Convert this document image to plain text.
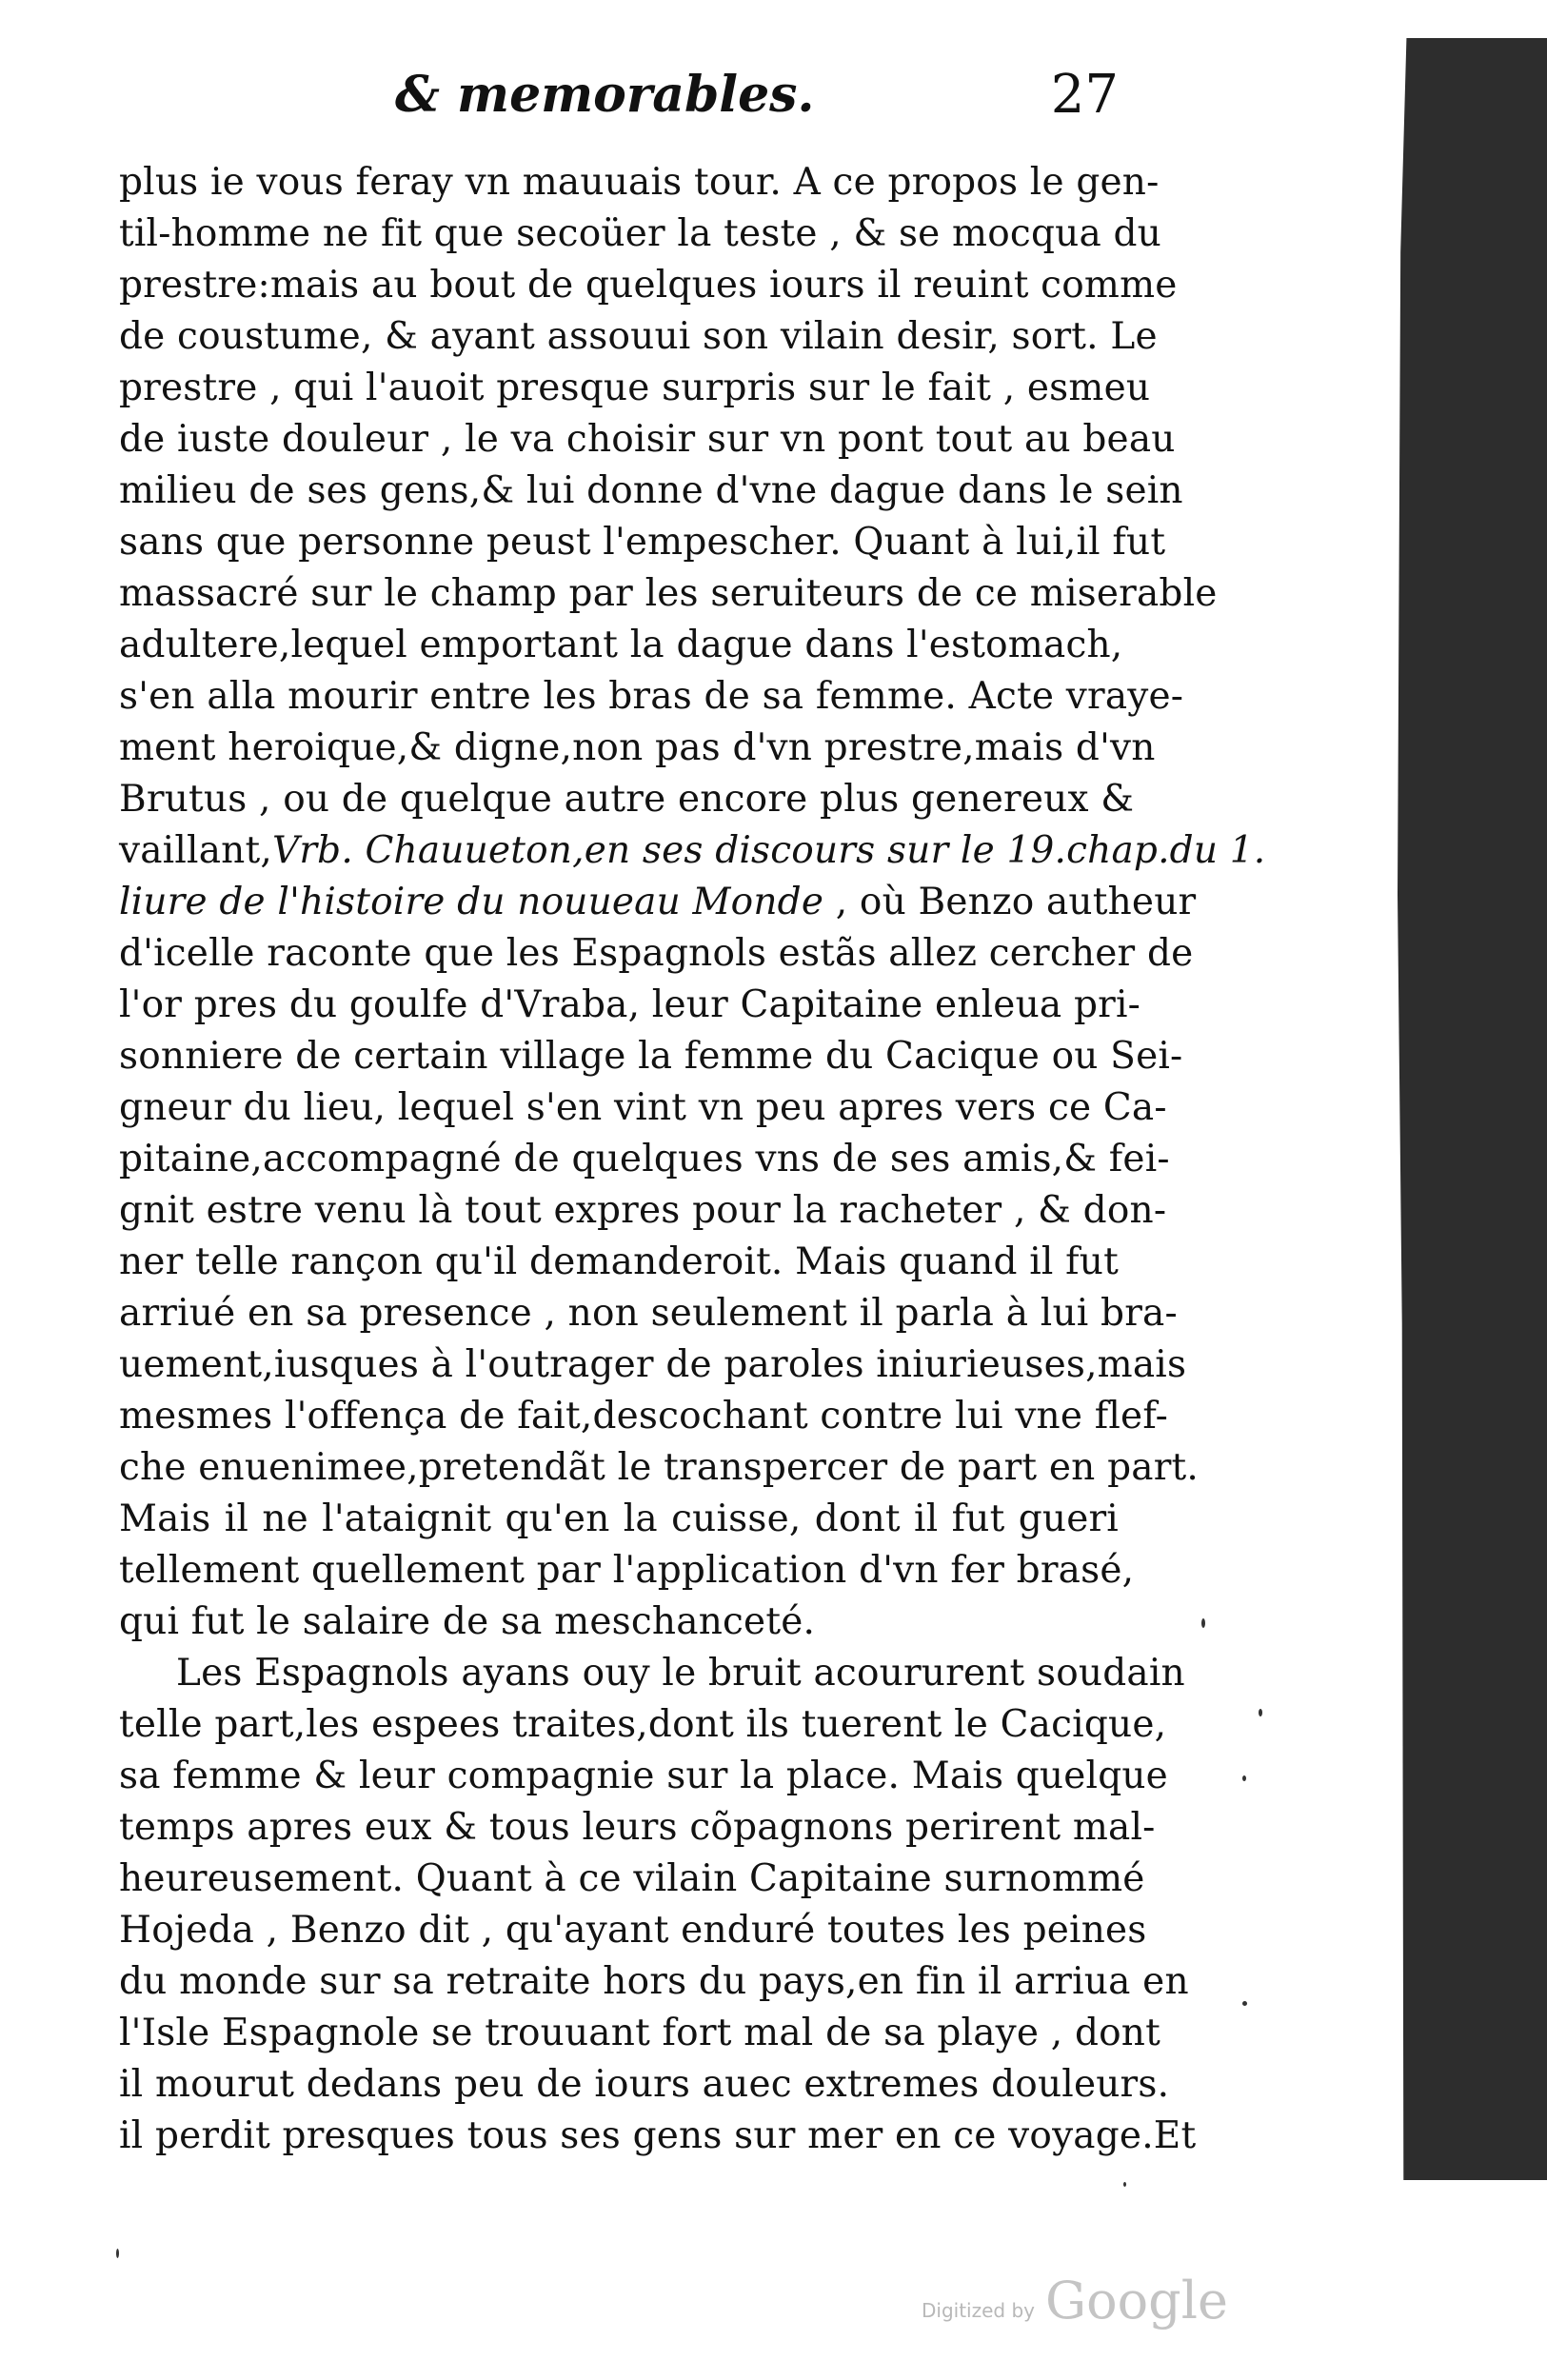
& memorables.	27
plus ie vous feray vn mauuais tour. A ce propos le gen-
til-homme ne fit que secoüer la teste , & se mocqua du
prestre:mais au bout de quelques iours il reuint comme
de coustume, & ayant assouui son vilain desir, sort. Le
prestre , qui l'auoit presque surpris sur le fait , esmeu
de iuste douleur , le va choisir sur vn pont tout au beau
milieu de ses gens,& lui donne d'vne dague dans le sein
sans que personne peust l'empescher. Quant à lui,il fut
massacré sur le champ par les seruiteurs de ce miserable
adultere,lequel emportant la dague dans l'estomach,
s'en alla mourir entre les bras de sa femme. Acte vraye-
ment heroique,& digne,non pas d'vn prestre,mais d'vn
Brutus , ou de quelque autre encore plus genereux &
vaillant,Vrb. Chauueton,en ses discours sur le 19.chap.du 1.
liure de l'histoire du nouueau Monde , où Benzo autheur
d'icelle raconte que les Espagnols estãs allez cercher de
l'or pres du goulfe d'Vraba, leur Capitaine enleua pri-
sonniere de certain village la femme du Cacique ou Sei-
gneur du lieu, lequel s'en vint vn peu apres vers ce Ca-
pitaine,accompagné de quelques vns de ses amis,& fei-
gnit estre venu là tout expres pour la racheter , & don-
ner telle rançon qu'il demanderoit. Mais quand il fut
arriué en sa presence , non seulement il parla à lui bra-
uement,iusques à l'outrager de paroles iniurieuses,mais
mesmes l'offença de fait,descochant contre lui vne flef-
che enuenimee,pretendãt le transpercer de part en part.
Mais il ne l'ataignit qu'en la cuisse, dont il fut gueri
tellement quellement par l'application d'vn fer brasé,
qui fut le salaire de sa meschanceté.
Les Espagnols ayans ouy le bruit acoururent soudain
telle part,les espees traites,dont ils tuerent le Cacique,
sa femme & leur compagnie sur la place. Mais quelque
temps apres eux & tous leurs cõpagnons perirent mal-
heureusement. Quant à ce vilain Capitaine surnommé
Hojeda , Benzo dit , qu'ayant enduré toutes les peines
du monde sur sa retraite hors du pays,en fin il arriua en
l'Isle Espagnole se trouuant fort mal de sa playe , dont
il mourut dedans peu de iours auec extremes douleurs.
il perdit presques tous ses gens sur mer en ce voyage.Et
Digitized by Google
